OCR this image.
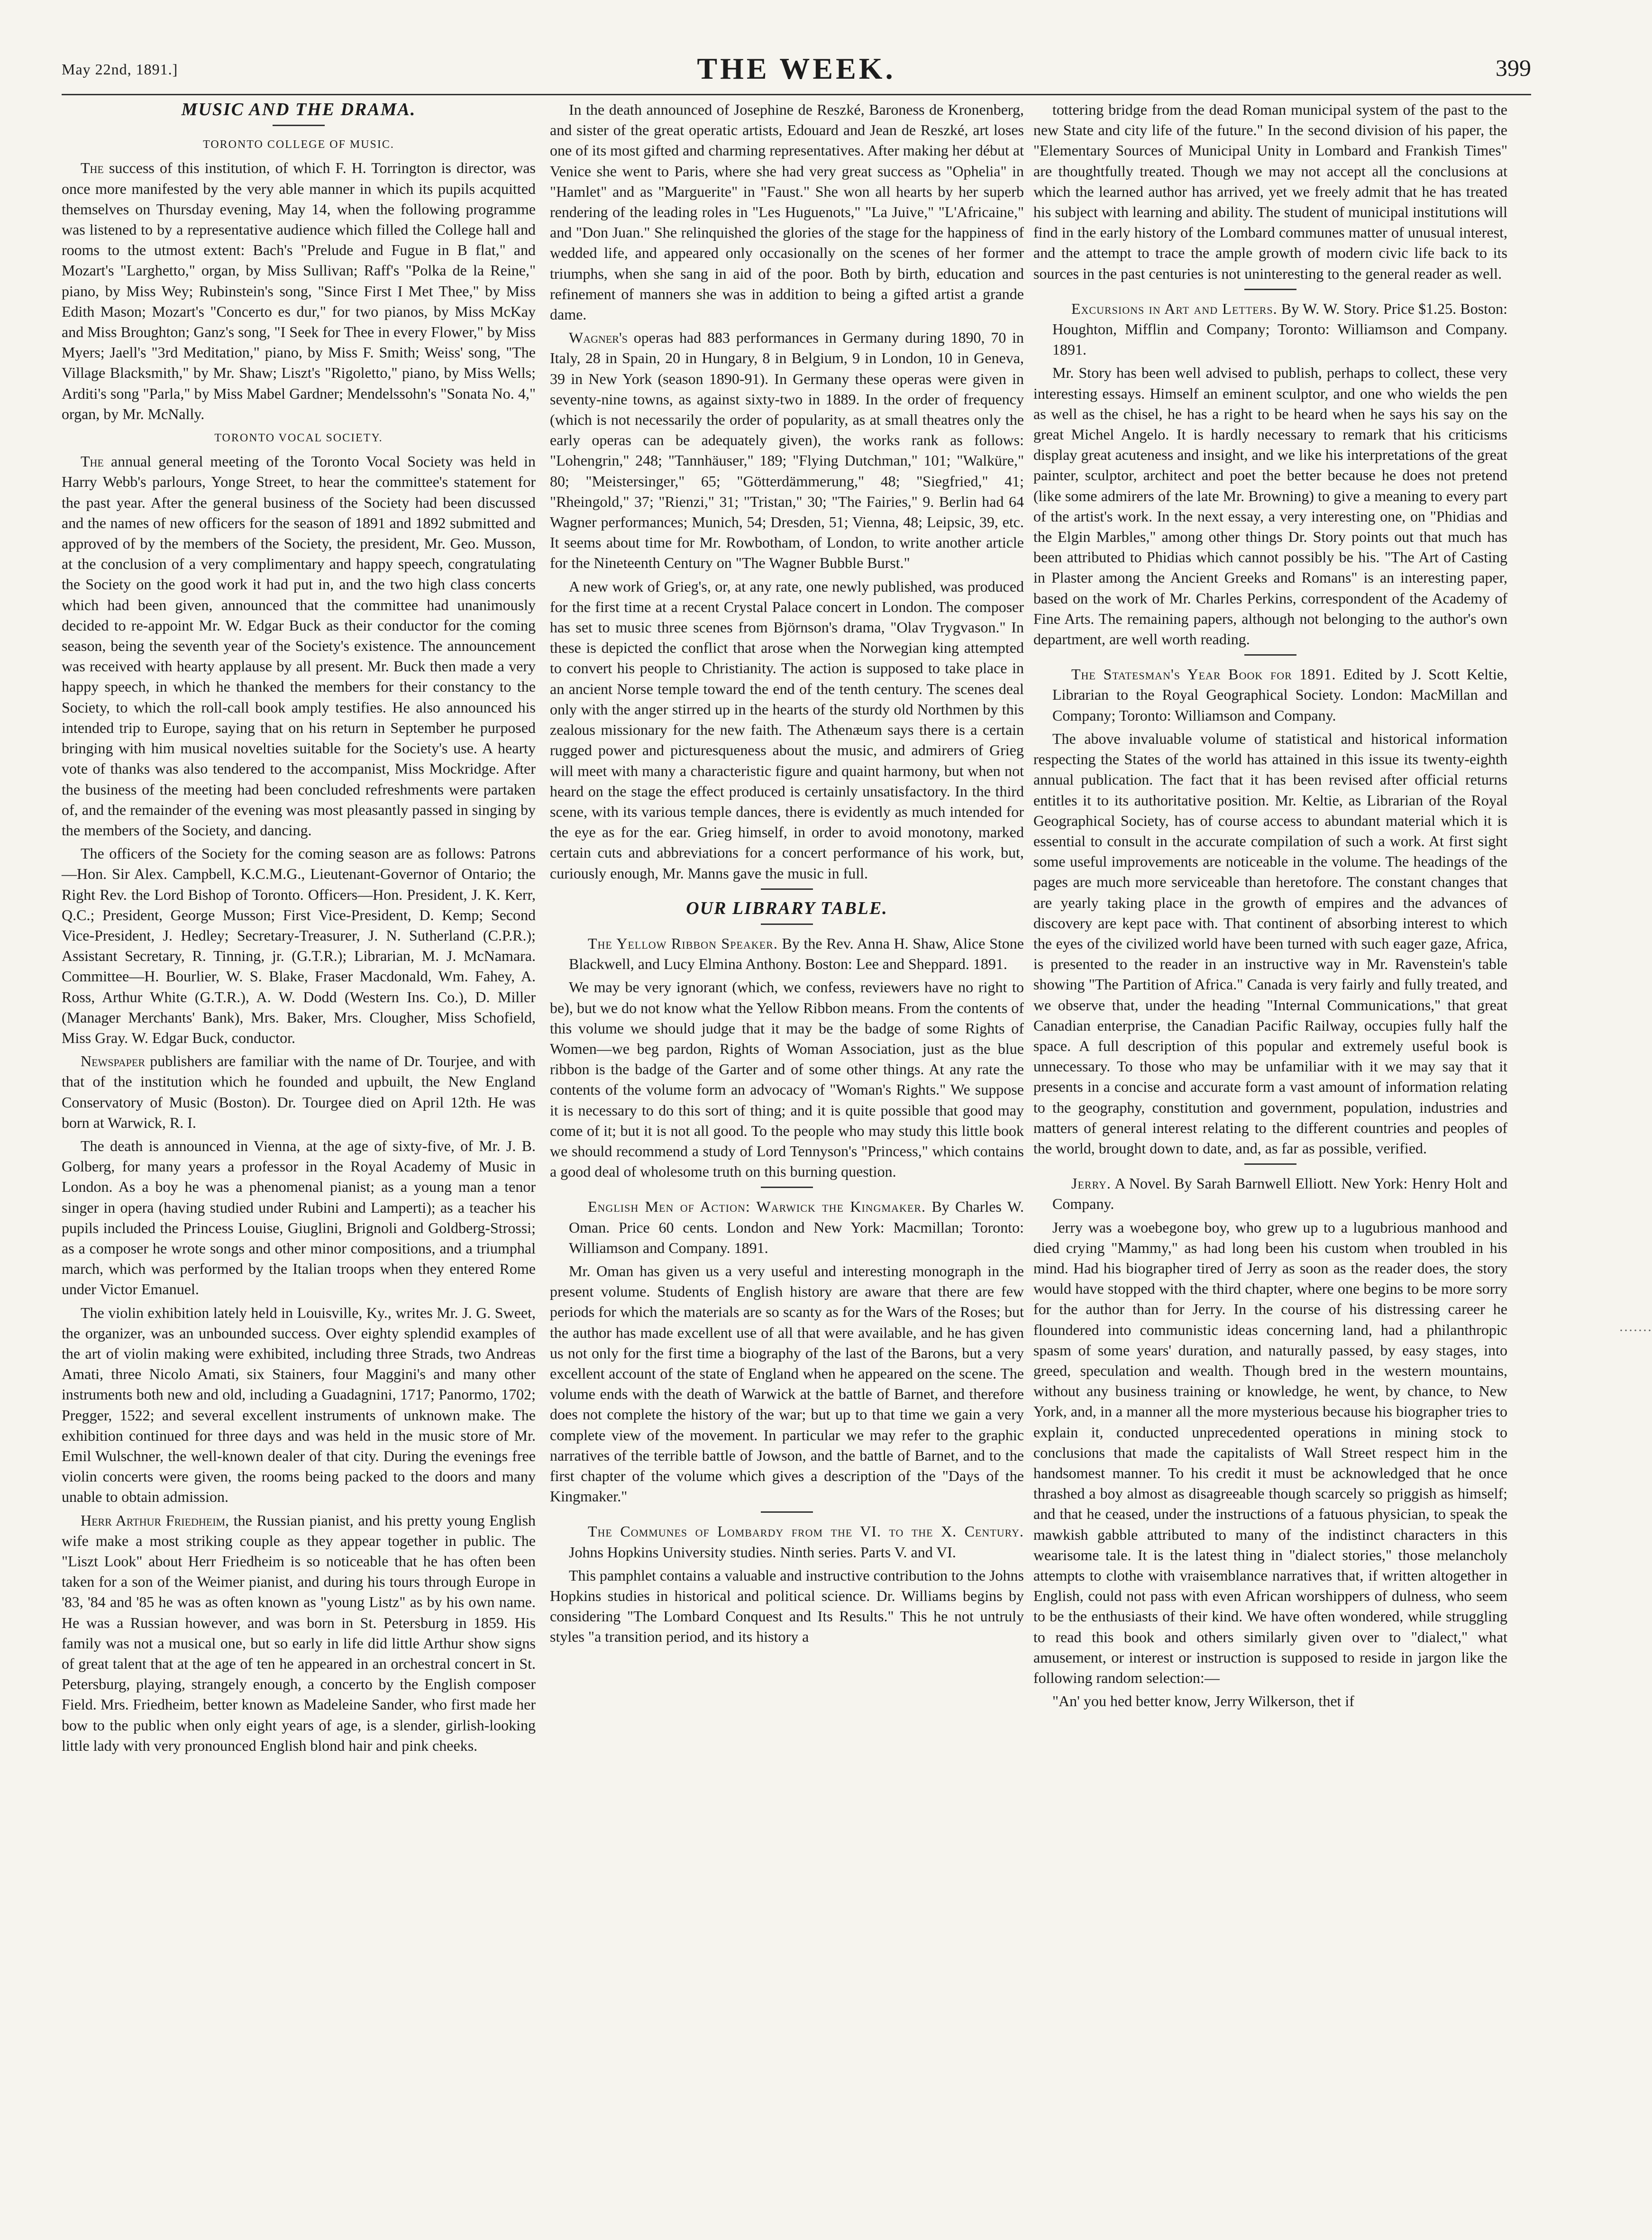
May 22nd, 1891.]	THE WEEK.	399
MUSIC AND THE DRAMA.
TORONTO COLLEGE OF MUSIC.

The success of this institution, of which F. H. Torrington is director, was once more manifested by the very able manner in which its pupils acquitted themselves on Thursday evening, May 14, when the following programme was listened to by a representative audience which filled the College hall and rooms to the utmost extent: Bach's "Prelude and Fugue in B flat," and Mozart's "Larghetto," organ, by Miss Sullivan; Raff's "Polka de la Reine," piano, by Miss Wey; Rubinstein's song, "Since First I Met Thee," by Miss Edith Mason; Mozart's "Concerto es dur," for two pianos, by Miss McKay and Miss Broughton; Ganz's song, "I Seek for Thee in every Flower," by Miss Myers; Jaell's "3rd Meditation," piano, by Miss F. Smith; Weiss' song, "The Village Blacksmith," by Mr. Shaw; Liszt's "Rigoletto," piano, by Miss Wells; Arditi's song "Parla," by Miss Mabel Gardner; Mendelssohn's "Sonata No. 4," organ, by Mr. McNally.

TORONTO VOCAL SOCIETY.

The annual general meeting of the Toronto Vocal Society was held in Harry Webb's parlours, Yonge Street, to hear the committee's statement for the past year. After the general business of the Society had been discussed and the names of new officers for the season of 1891 and 1892 submitted and approved of by the members of the Society, the president, Mr. Geo. Musson, at the conclusion of a very complimentary and happy speech, congratulating the Society on the good work it had put in, and the two high class concerts which had been given, announced that the committee had unanimously decided to re-appoint Mr. W. Edgar Buck as their conductor for the coming season, being the seventh year of the Society's existence. The announcement was received with hearty applause by all present. Mr. Buck then made a very happy speech, in which he thanked the members for their constancy to the Society, to which the roll-call book amply testifies. He also announced his intended trip to Europe, saying that on his return in September he purposed bringing with him musical novelties suitable for the Society's use. A hearty vote of thanks was also tendered to the accompanist, Miss Mockridge. After the business of the meeting had been concluded refreshments were partaken of, and the remainder of the evening was most pleasantly passed in singing by the members of the Society, and dancing.

The officers of the Society for the coming season are as follows: Patrons—Hon. Sir Alex. Campbell, K.C.M.G., Lieutenant-Governor of Ontario; the Right Rev. the Lord Bishop of Toronto. Officers—Hon. President, J. K. Kerr, Q.C.; President, George Musson; First Vice-President, D. Kemp; Second Vice-President, J. Hedley; Secretary-Treasurer, J. N. Sutherland (C.P.R.); Assistant Secretary, R. Tinning, jr. (G.T.R.); Librarian, M. J. McNamara. Committee—H. Bourlier, W. S. Blake, Fraser Macdonald, Wm. Fahey, A. Ross, Arthur White (G.T.R.), A. W. Dodd (Western Ins. Co.), D. Miller (Manager Merchants' Bank), Mrs. Baker, Mrs. Clougher, Miss Schofield, Miss Gray. W. Edgar Buck, conductor.

Newspaper publishers are familiar with the name of Dr. Tourjee, and with that of the institution which he founded and upbuilt, the New England Conservatory of Music (Boston). Dr. Tourgee died on April 12th. He was born at Warwick, R. I.

The death is announced in Vienna, at the age of sixty-five, of Mr. J. B. Golberg, for many years a professor in the Royal Academy of Music in London. As a boy he was a phenomenal pianist; as a young man a tenor singer in opera (having studied under Rubini and Lamperti); as a teacher his pupils included the Princess Louise, Giuglini, Brignoli and Goldberg-Strossi; as a composer he wrote songs and other minor compositions, and a triumphal march, which was performed by the Italian troops when they entered Rome under Victor Emanuel.

The violin exhibition lately held in Louisville, Ky., writes Mr. J. G. Sweet, the organizer, was an unbounded success. Over eighty splendid examples of the art of violin making were exhibited, including three Strads, two Andreas Amati, three Nicolo Amati, six Stainers, four Maggini's and many other instruments both new and old, including a Guadagnini, 1717; Panormo, 1702; Pregger, 1522; and several excellent instruments of unknown make. The exhibition continued for three days and was held in the music store of Mr. Emil Wulschner, the well-known dealer of that city. During the evenings free violin concerts were given, the rooms being packed to the doors and many unable to obtain admission.

Herr Arthur Friedheim, the Russian pianist, and his pretty young English wife make a most striking couple as they appear together in public. The "Liszt Look" about Herr Friedheim is so noticeable that he has often been taken for a son of the Weimer pianist, and during his tours through Europe in '83, '84 and '85 he was as often known as "young Listz" as by his own name. He was a Russian however, and was born in St. Petersburg in 1859. His family was not a musical one, but so early in life did little Arthur show signs of great talent that at the age of ten he appeared in an orchestral concert in St. Petersburg, playing, strangely enough, a concerto by the English composer Field. Mrs. Friedheim, better known as Madeleine Sander, who first made her bow to the public when only eight years of age, is a slender, girlish-looking little lady with very pronounced English blond hair and pink cheeks.

In the death announced of Josephine de Reszké, Baroness de Kronenberg, and sister of the great operatic artists, Edouard and Jean de Reszké, art loses one of its most gifted and charming representatives. After making her début at Venice she went to Paris, where she had very great success as "Ophelia" in "Hamlet" and as "Marguerite" in "Faust." She won all hearts by her superb rendering of the leading roles in "Les Huguenots," "La Juive," "L'Africaine," and "Don Juan." She relinquished the glories of the stage for the happiness of wedded life, and appeared only occasionally on the scenes of her former triumphs, when she sang in aid of the poor. Both by birth, education and refinement of manners she was in addition to being a gifted artist a grande dame.

Wagner's operas had 883 performances in Germany during 1890, 70 in Italy, 28 in Spain, 20 in Hungary, 8 in Belgium, 9 in London, 10 in Geneva, 39 in New York (season 1890-91). In Germany these operas were given in seventy-nine towns, as against sixty-two in 1889. In the order of frequency (which is not necessarily the order of popularity, as at small theatres only the early operas can be adequately given), the works rank as follows: "Lohengrin," 248; "Tannhäuser," 189; "Flying Dutchman," 101; "Walküre," 80; "Meistersinger," 65; "Götterdämmerung," 48; "Siegfried," 41; "Rheingold," 37; "Rienzi," 31; "Tristan," 30; "The Fairies," 9. Berlin had 64 Wagner performances; Munich, 54; Dresden, 51; Vienna, 48; Leipsic, 39, etc. It seems about time for Mr. Rowbotham, of London, to write another article for the Nineteenth Century on "The Wagner Bubble Burst."

A new work of Grieg's, or, at any rate, one newly published, was produced for the first time at a recent Crystal Palace concert in London. The composer has set to music three scenes from Björnson's drama, "Olav Trygvason." In these is depicted the conflict that arose when the Norwegian king attempted to convert his people to Christianity. The action is supposed to take place in an ancient Norse temple toward the end of the tenth century. The scenes deal only with the anger stirred up in the hearts of the sturdy old Northmen by this zealous missionary for the new faith. The Athenæum says there is a certain rugged power and picturesqueness about the music, and admirers of Grieg will meet with many a characteristic figure and quaint harmony, but when not heard on the stage the effect produced is certainly unsatisfactory. In the third scene, with its various temple dances, there is evidently as much intended for the eye as for the ear. Grieg himself, in order to avoid monotony, marked certain cuts and abbreviations for a concert performance of his work, but, curiously enough, Mr. Manns gave the music in full.

OUR LIBRARY TABLE.

The Yellow Ribbon Speaker. By the Rev. Anna H. Shaw, Alice Stone Blackwell, and Lucy Elmina Anthony. Boston: Lee and Sheppard. 1891.

We may be very ignorant (which, we confess, reviewers have no right to be), but we do not know what the Yellow Ribbon means. From the contents of this volume we should judge that it may be the badge of some Rights of Women—we beg pardon, Rights of Woman Association, just as the blue ribbon is the badge of the Garter and of some other things. At any rate the contents of the volume form an advocacy of "Woman's Rights." We suppose it is necessary to do this sort of thing; and it is quite possible that good may come of it; but it is not all good. To the people who may study this little book we should recommend a study of Lord Tennyson's "Princess," which contains a good deal of wholesome truth on this burning question.

English Men of Action: Warwick the Kingmaker. By Charles W. Oman. Price 60 cents. London and New York: Macmillan; Toronto: Williamson and Company. 1891.

Mr. Oman has given us a very useful and interesting monograph in the present volume. Students of English history are aware that there are few periods for which the materials are so scanty as for the Wars of the Roses; but the author has made excellent use of all that were available, and he has given us not only for the first time a biography of the last of the Barons, but a very excellent account of the state of England when he appeared on the scene. The volume ends with the death of Warwick at the battle of Barnet, and therefore does not complete the history of the war; but up to that time we gain a very complete view of the movement. In particular we may refer to the graphic narratives of the terrible battle of Jowson, and the battle of Barnet, and to the first chapter of the volume which gives a description of the "Days of the Kingmaker."

The Communes of Lombardy from the VI. to the X. Century. Johns Hopkins University studies. Ninth series. Parts V. and VI.

This pamphlet contains a valuable and instructive contribution to the Johns Hopkins studies in historical and political science. Dr. Williams begins by considering "The Lombard Conquest and Its Results." This he not untruly styles "a transition period, and its history a

tottering bridge from the dead Roman municipal system of the past to the new State and city life of the future." In the second division of his paper, the "Elementary Sources of Municipal Unity in Lombard and Frankish Times" are thoughtfully treated. Though we may not accept all the conclusions at which the learned author has arrived, yet we freely admit that he has treated his subject with learning and ability. The student of municipal institutions will find in the early history of the Lombard communes matter of unusual interest, and the attempt to trace the ample growth of modern civic life back to its sources in the past centuries is not uninteresting to the general reader as well.

Excursions in Art and Letters. By W. W. Story. Price $1.25. Boston: Houghton, Mifflin and Company; Toronto: Williamson and Company. 1891.

Mr. Story has been well advised to publish, perhaps to collect, these very interesting essays. Himself an eminent sculptor, and one who wields the pen as well as the chisel, he has a right to be heard when he says his say on the great Michel Angelo. It is hardly necessary to remark that his criticisms display great acuteness and insight, and we like his interpretations of the great painter, sculptor, architect and poet the better because he does not pretend (like some admirers of the late Mr. Browning) to give a meaning to every part of the artist's work. In the next essay, a very interesting one, on "Phidias and the Elgin Marbles," among other things Dr. Story points out that much has been attributed to Phidias which cannot possibly be his. "The Art of Casting in Plaster among the Ancient Greeks and Romans" is an interesting paper, based on the work of Mr. Charles Perkins, correspondent of the Academy of Fine Arts. The remaining papers, although not belonging to the author's own department, are well worth reading.

The Statesman's Year Book for 1891. Edited by J. Scott Keltie, Librarian to the Royal Geographical Society. London: MacMillan and Company; Toronto: Williamson and Company.

The above invaluable volume of statistical and historical information respecting the States of the world has attained in this issue its twenty-eighth annual publication. The fact that it has been revised after official returns entitles it to its authoritative position. Mr. Keltie, as Librarian of the Royal Geographical Society, has of course access to abundant material which it is essential to consult in the accurate compilation of such a work. At first sight some useful improvements are noticeable in the volume. The headings of the pages are much more serviceable than heretofore. The constant changes that are yearly taking place in the growth of empires and the advances of discovery are kept pace with. That continent of absorbing interest to which the eyes of the civilized world have been turned with such eager gaze, Africa, is presented to the reader in an instructive way in Mr. Ravenstein's table showing "The Partition of Africa." Canada is very fairly and fully treated, and we observe that, under the heading "Internal Communications," that great Canadian enterprise, the Canadian Pacific Railway, occupies fully half the space. A full description of this popular and extremely useful book is unnecessary. To those who may be unfamiliar with it we may say that it presents in a concise and accurate form a vast amount of information relating to the geography, constitution and government, population, industries and matters of general interest relating to the different countries and peoples of the world, brought down to date, and, as far as possible, verified.

Jerry. A Novel. By Sarah Barnwell Elliott. New York: Henry Holt and Company.

Jerry was a woebegone boy, who grew up to a lugubrious manhood and died crying "Mammy," as had long been his custom when troubled in his mind. Had his biographer tired of Jerry as soon as the reader does, the story would have stopped with the third chapter, where one begins to be more sorry for the author than for Jerry. In the course of his distressing career he floundered into communistic ideas concerning land, had a philanthropic spasm of some years' duration, and naturally passed, by easy stages, into greed, speculation and wealth. Though bred in the western mountains, without any business training or knowledge, he went, by chance, to New York, and, in a manner all the more mysterious because his biographer tries to explain it, conducted unprecedented operations in mining stock to conclusions that made the capitalists of Wall Street respect him in the handsomest manner. To his credit it must be acknowledged that he once thrashed a boy almost as disagreeable though scarcely so priggish as himself; and that he ceased, under the instructions of a fatuous physician, to speak the mawkish gabble attributed to many of the indistinct characters in this wearisome tale. It is the latest thing in "dialect stories," those melancholy attempts to clothe with vraisemblance narratives that, if written altogether in English, could not pass with even African worshippers of dulness, who seem to be the enthusiasts of their kind. We have often wondered, while struggling to read this book and others similarly given over to "dialect," what amusement, or interest or instruction is supposed to reside in jargon like the following random selection:—

"An' you hed better know, Jerry Wilkerson, thet if

·······
